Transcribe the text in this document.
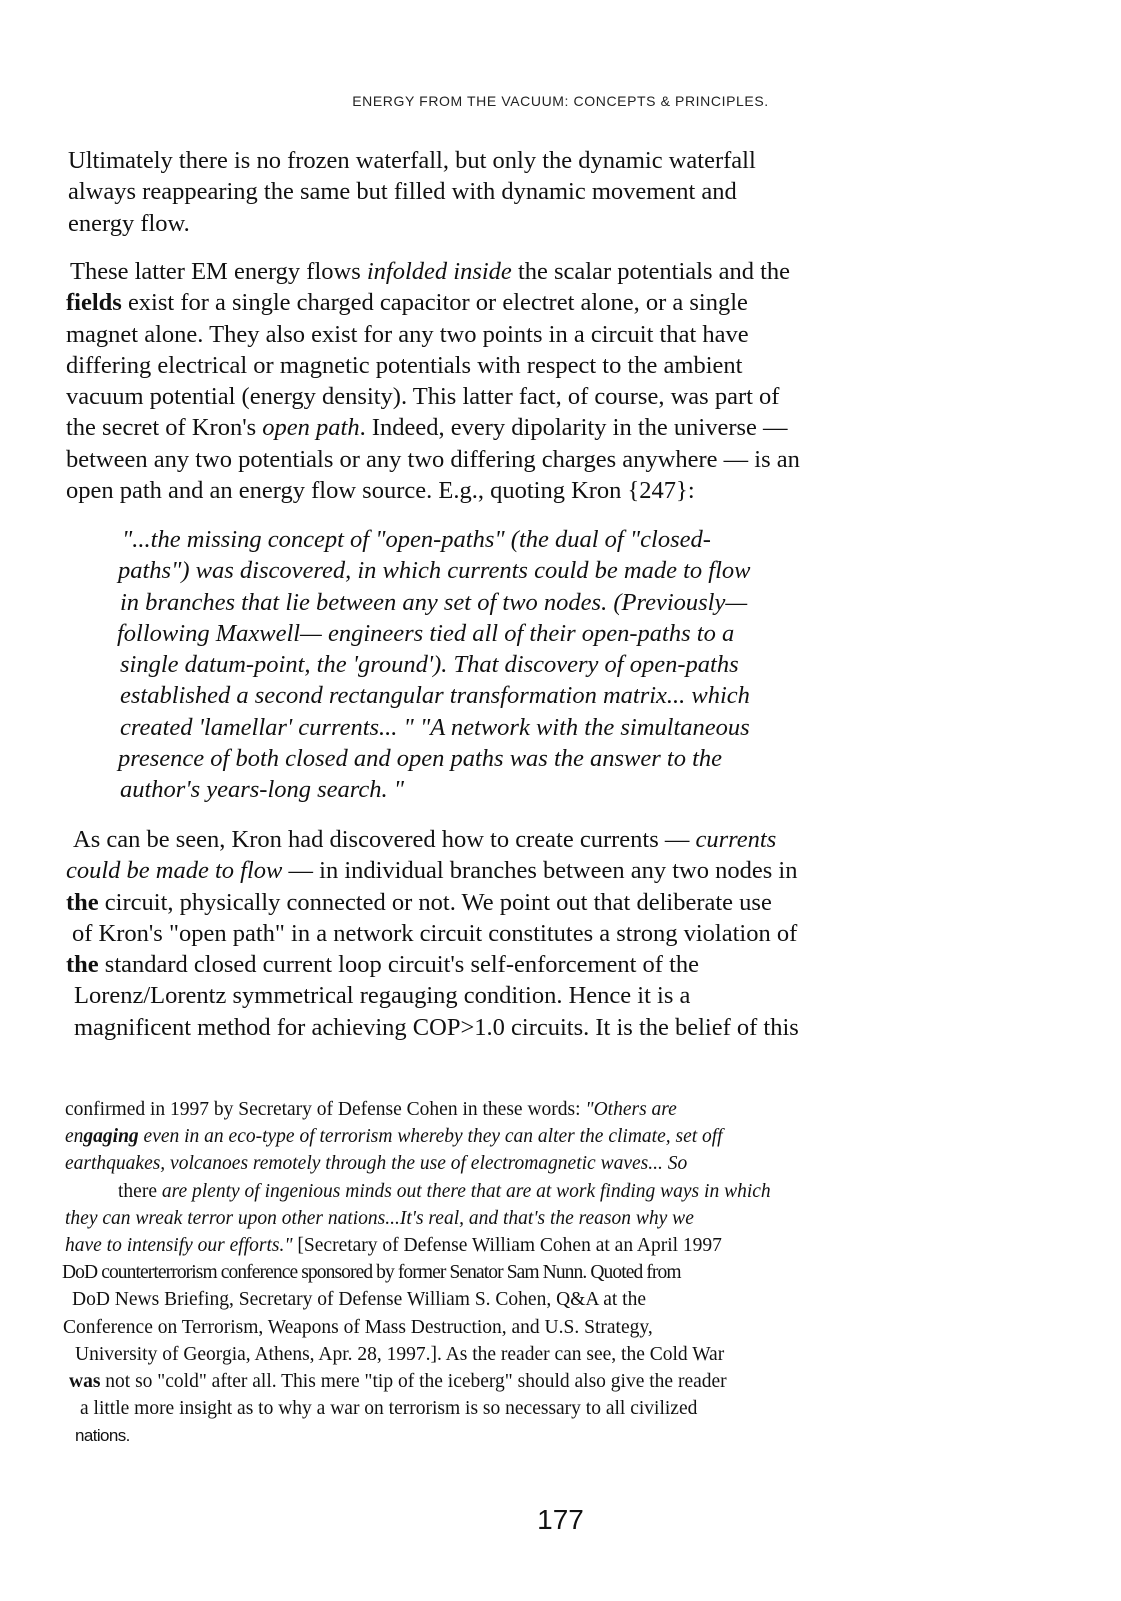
ENERGY FROM THE VACUUM: CONCEPTS & PRINCIPLES.
Ultimately there is no frozen waterfall, but only the dynamic waterfall
always reappearing the same but filled with dynamic movement and
energy flow.
These latter EM energy flows infolded inside the scalar potentials and the
fields exist for a single charged capacitor or electret alone, or a single
magnet alone. They also exist for any two points in a circuit that have
differing electrical or magnetic potentials with respect to the ambient
vacuum potential (energy density). This latter fact, of course, was part of
the secret of Kron's open path. Indeed, every dipolarity in the universe —
between any two potentials or any two differing charges anywhere — is an
open path and an energy flow source. E.g., quoting Kron {247}:
"...the missing concept of "open-paths" (the dual of "closed-
paths") was discovered, in which currents could be made to flow
in branches that lie between any set of two nodes. (Previously—
following Maxwell— engineers tied all of their open-paths to a
single datum-point, the 'ground'). That discovery of open-paths
established a second rectangular transformation matrix... which
created 'lamellar' currents... " "A network with the simultaneous
presence of both closed and open paths was the answer to the
author's years-long search. "
As can be seen, Kron had discovered how to create currents — currents
could be made to flow — in individual branches between any two nodes in
the circuit, physically connected or not. We point out that deliberate use
of Kron's "open path" in a network circuit constitutes a strong violation of
the standard closed current loop circuit's self-enforcement of the
Lorenz/Lorentz symmetrical regauging condition. Hence it is a
magnificent method for achieving COP>1.0 circuits. It is the belief of this
confirmed in 1997 by Secretary of Defense Cohen in these words: "Others are
engaging even in an eco-type of terrorism whereby they can alter the climate, set off
earthquakes, volcanoes remotely through the use of electromagnetic waves... So
there are plenty of ingenious minds out there that are at work finding ways in which
they can wreak terror upon other nations...It's real, and that's the reason why we
have to intensify our efforts." [Secretary of Defense William Cohen at an April 1997
DoD counterterrorism conference sponsored by former Senator Sam Nunn. Quoted from
DoD News Briefing, Secretary of Defense William S. Cohen, Q&A at the
Conference on Terrorism, Weapons of Mass Destruction, and U.S. Strategy,
University of Georgia, Athens, Apr. 28, 1997.]. As the reader can see, the Cold War
was not so "cold" after all. This mere "tip of the iceberg" should also give the reader
a little more insight as to why a war on terrorism is so necessary to all civilized
nations.
177
